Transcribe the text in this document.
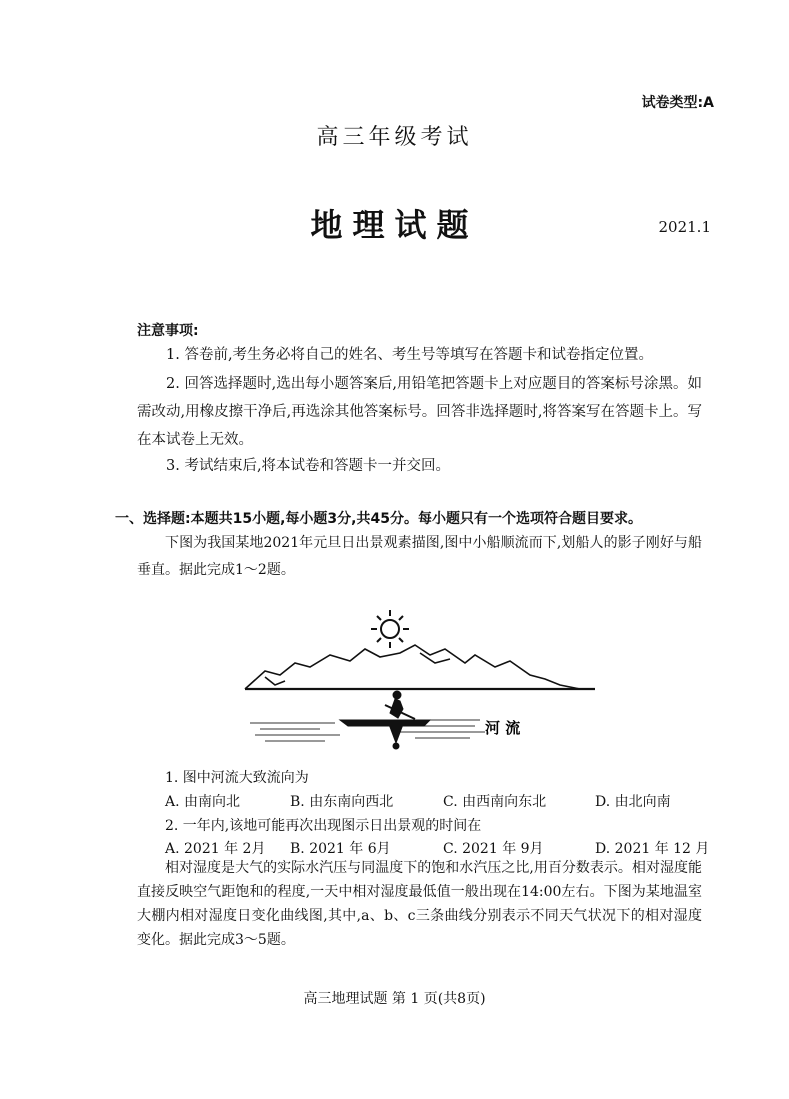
试卷类型:A
高三年级考试
地理试题	2021.1
注意事项:
1. 答卷前,考生务必将自己的姓名、考生号等填写在答题卡和试卷指定位置。
2. 回答选择题时,选出每小题答案后,用铅笔把答题卡上对应题目的答案标号涂黑。如需改动,用橡皮擦干净后,再选涂其他答案标号。回答非选择题时,将答案写在答题卡上。写在本试卷上无效。
3. 考试结束后,将本试卷和答题卡一并交回。
一、选择题:本题共15小题,每小题3分,共45分。每小题只有一个选项符合题目要求。
下图为我国某地2021年元旦日出景观素描图,图中小船顺流而下,划船人的影子刚好与船垂直。据此完成1～2题。
河 流
1. 图中河流大致流向为
A. 由南向北	B. 由东南向西北	C. 由西南向东北	D. 由北向南
2. 一年内,该地可能再次出现图示日出景观的时间在
A. 2021 年 2月 B. 2021 年 6月	C. 2021 年 9月	D. 2021 年 12 月
相对湿度是大气的实际水汽压与同温度下的饱和水汽压之比,用百分数表示。相对湿度能直接反映空气距饱和的程度,一天中相对湿度最低值一般出现在14:00左右。下图为某地温室大棚内相对湿度日变化曲线图,其中,a、b、c三条曲线分别表示不同天气状况下的相对湿度变化。据此完成3～5题。
高三地理试题 第 1 页(共8页)
